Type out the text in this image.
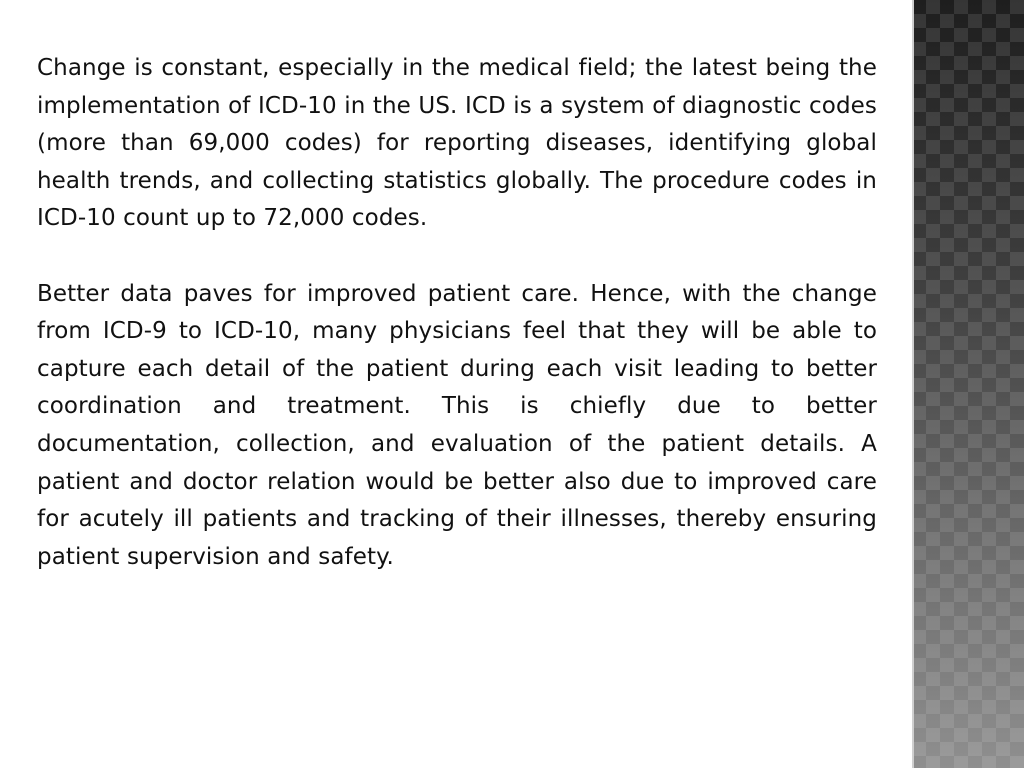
Change is constant, especially in the medical field; the latest being the implementation of ICD-10 in the US. ICD is a system of diagnostic codes (more than 69,000 codes) for reporting diseases, identifying global health trends, and collecting statistics globally. The procedure codes in ICD-10 count up to 72,000 codes.

Better data paves for improved patient care. Hence, with the change from ICD-9 to ICD-10, many physicians feel that they will be able to capture each detail of the patient during each visit leading to better coordination and treatment. This is chiefly due to better documentation, collection, and evaluation of the patient details. A patient and doctor relation would be better also due to improved care for acutely ill patients and tracking of their illnesses, thereby ensuring patient supervision and safety.
